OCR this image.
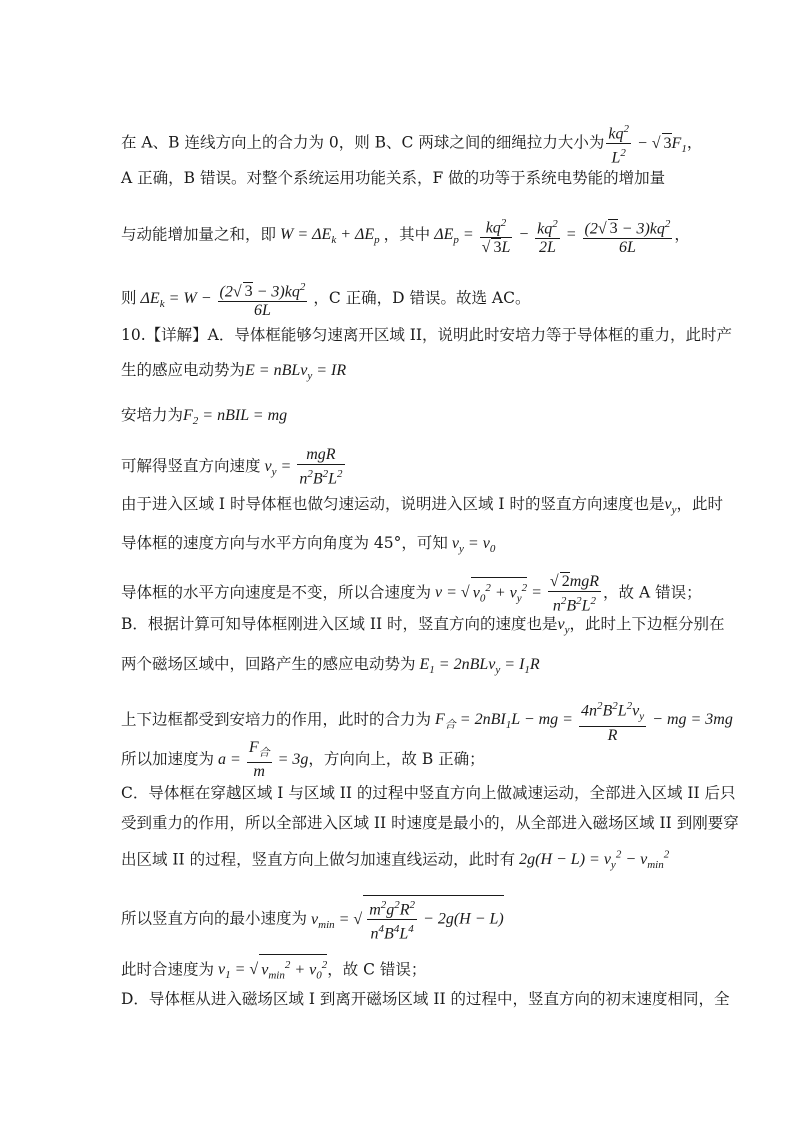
在 A、B 连线方向上的合力为 0，则 B、C 两球之间的细绳拉力大小为 $\frac{kq^2}{L^2}$ − √ $3F_1$，
A 正确，B 错误。对整个系统运用功能关系，F 做的功等于系统电势能的增加量
与动能增加量之和，即 $W = \Delta E_k + \Delta E_p$ ，其中 $\Delta E_p = \frac{kq^2}{√ 3L} - \frac{kq^2}{2L} = \frac{(2√ 3 - 3)kq^2}{6L}$ ，
则 $\Delta E_k = W - \frac{(2√ 3 - 3)kq^2}{6L}$ ，C 正确，D 错误。故选 AC。
10.【详解】A．导体框能够匀速离开区域 II，说明此时安培力等于导体框的重力，此时产
生的感应电动势为E = nBLv$_y$ = IR
安培力为$F_2$ = nBIL = mg
可解得竖直方向速度 $v_y = \frac{\text{mgR}}{n^2B^2L^2}$
由于进入区域 I 时导体框也做匀速运动，说明进入区域 I 时的竖直方向速度也是$v_y$，此时
导体框的速度方向与水平方向角度为 45°，可知 $v_y = v_0$
导体框的水平方向速度是不变，所以合速度为 v = √ $v_0^2 + v_y^2 = \frac{\text{√ 2mgR}}{n^2B^2L^2}$ ，故 A 错误；
B．根据计算可知导体框刚进入区域 II 时，竖直方向的速度也是$v_y$，此时上下边框分别在
两个磁场区域中，回路产生的感应电动势为 $E_1$ = 2nBLv$_y$ = $I_1R$
上下边框都受到安培力的作用，此时的合力为 $F_合 = 2nBI_1L$ − mg = $\frac{4n^2B^2L^2v_y}{R}$ − mg = 3mg
所以加速度为 $a = \frac{F_合}{m} = 3g$，方向向上，故 B 正确；
C．导体框在穿越区域 I 与区域 II 的过程中竖直方向上做减速运动，全部进入区域 II 后只
受到重力的作用，所以全部进入区域 II 时速度是最小的，从全部进入磁场区域 II 到刚要穿
出区域 II 的过程，竖直方向上做匀加速直线运动，此时有 $2g(H - L) = v_y^2 - v_{min}^2$
所以竖直方向的最小速度为 $v_{min}$ = √ $\frac{m^2g^2R^2}{n^4B^4L^4} - 2g(H - L)$
此时合速度为 $v_1$ = √ $v_{min}^2 + v_0^2$，故 C 错误；
D．导体框从进入磁场区域 I 到离开磁场区域 II 的过程中，竖直方向的初末速度相同，全
